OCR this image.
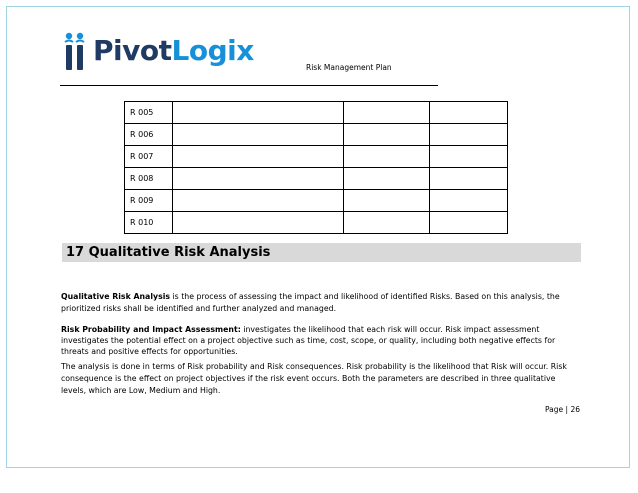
PivotLogix
Risk Management Plan
R 005			
R 006			
R 007			
R 008			
R 009			
R 010			
17 Qualitative Risk Analysis

Qualitative Risk Analysis is the process of assessing the impact and likelihood of identified Risks. Based on this analysis, the prioritized risks shall be identified and further analyzed and managed.

Risk Probability and Impact Assessment: investigates the likelihood that each risk will occur. Risk impact assessment investigates the potential effect on a project objective such as time, cost, scope, or quality, including both negative effects for threats and positive effects for opportunities.

The analysis is done in terms of Risk probability and Risk consequences. Risk probability is the likelihood that Risk will occur. Risk consequence is the effect on project objectives if the risk event occurs. Both the parameters are described in three qualitative levels, which are Low, Medium and High.

Page | 26
